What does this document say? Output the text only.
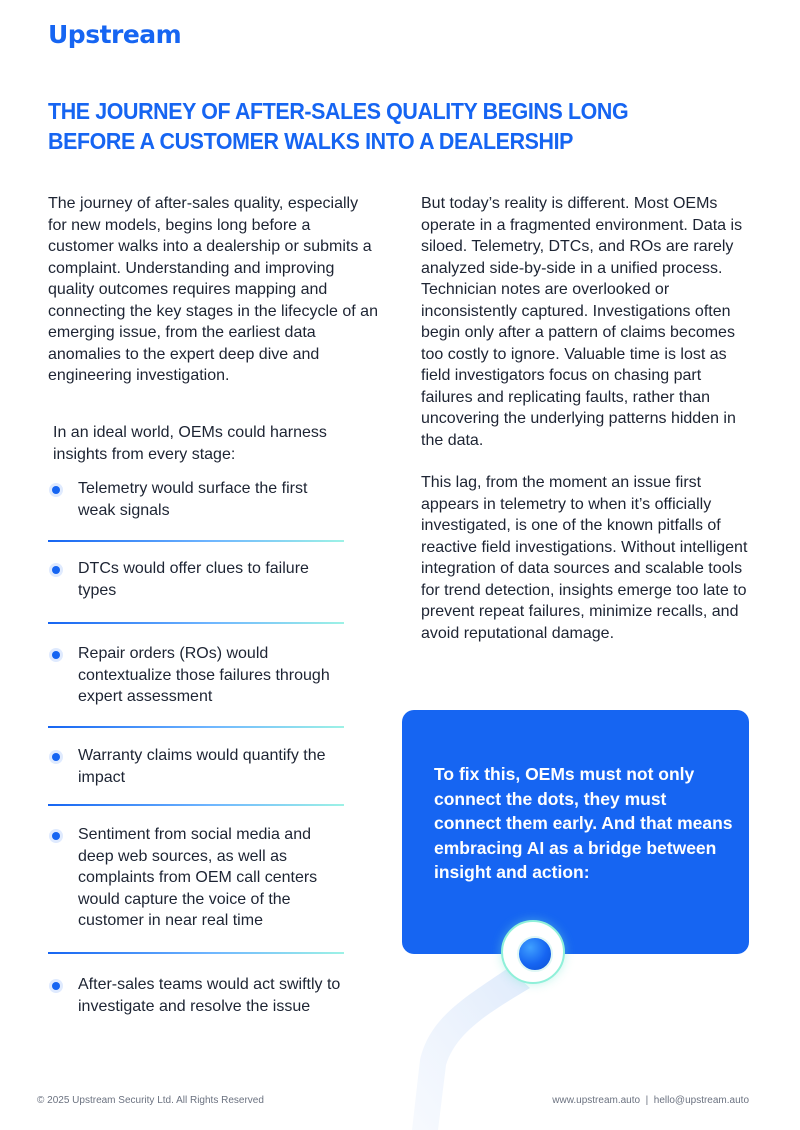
Upstream
THE JOURNEY OF AFTER-SALES QUALITY BEGINS LONG BEFORE A CUSTOMER WALKS INTO A DEALERSHIP

The journey of after-sales quality, especially for new models, begins long before a customer walks into a dealership or submits a complaint. Understanding and improving quality outcomes requires mapping and connecting the key stages in the lifecycle of an emerging issue, from the earliest data anomalies to the expert deep dive and engineering investigation.

In an ideal world, OEMs could harness insights from every stage:

Telemetry would surface the first weak signals
DTCs would offer clues to failure types
Repair orders (ROs) would contextualize those failures through expert assessment
Warranty claims would quantify the impact
Sentiment from social media and deep web sources, as well as complaints from OEM call centers would capture the voice of the customer in near real time
After-sales teams would act swiftly to investigate and resolve the issue

But today’s reality is different. Most OEMs operate in a fragmented environment. Data is siloed. Telemetry, DTCs, and ROs are rarely analyzed side-by-side in a unified process. Technician notes are overlooked or inconsistently captured. Investigations often begin only after a pattern of claims becomes too costly to ignore. Valuable time is lost as field investigators focus on chasing part failures and replicating faults, rather than uncovering the underlying patterns hidden in the data.

This lag, from the moment an issue first appears in telemetry to when it’s officially investigated, is one of the known pitfalls of reactive field investigations. Without intelligent integration of data sources and scalable tools for trend detection, insights emerge too late to prevent repeat failures, minimize recalls, and avoid reputational damage.

To fix this, OEMs must not only connect the dots, they must connect them early. And that means embracing AI as a bridge between insight and action:

© 2025 Upstream Security Ltd. All Rights Reserved	www.upstream.auto  |  hello@upstream.auto
